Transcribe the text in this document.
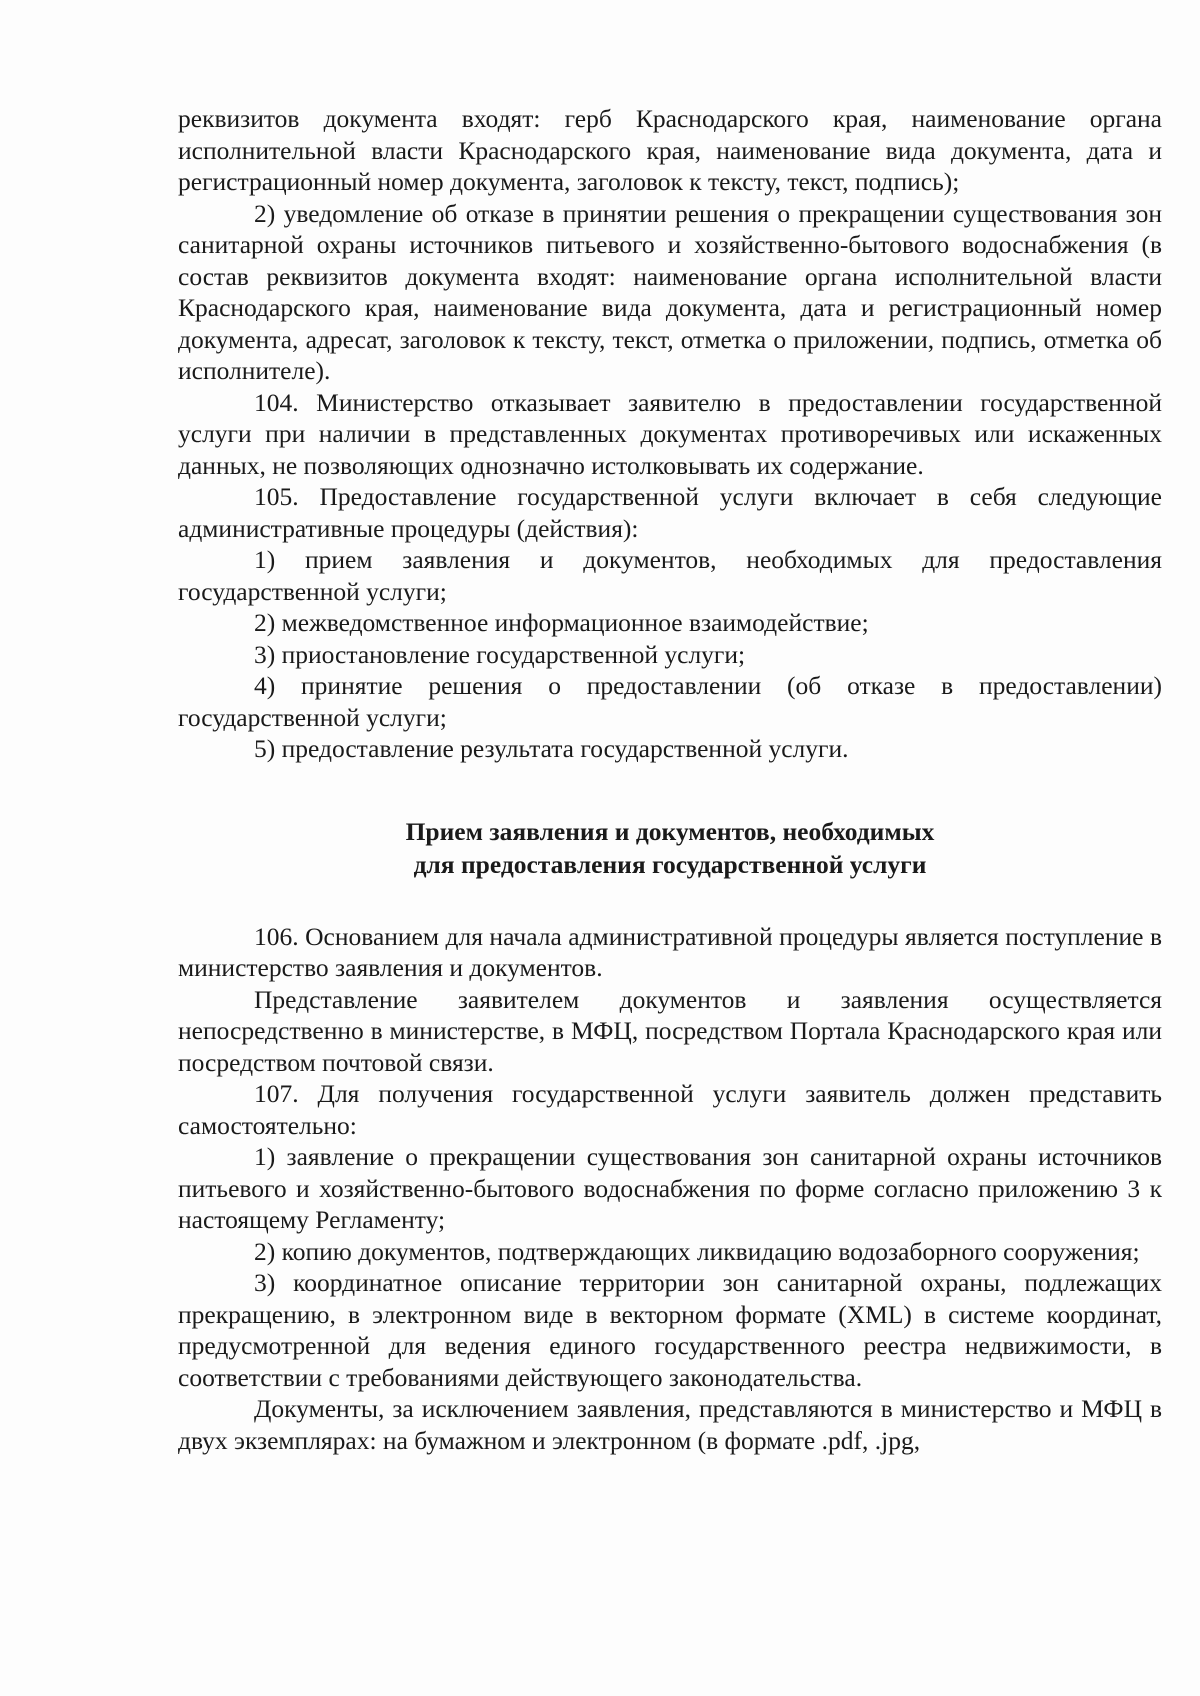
реквизитов документа входят: герб Краснодарского края, наименование органа исполнительной власти Краснодарского края, наименование вида документа, дата и регистрационный номер документа, заголовок к тексту, текст, подпись);

2) уведомление об отказе в принятии решения о прекращении существования зон санитарной охраны источников питьевого и хозяйственно-бытового водоснабжения (в состав реквизитов документа входят: наименование органа исполнительной власти Краснодарского края, наименование вида документа, дата и регистрационный номер документа, адресат, заголовок к тексту, текст, отметка о приложении, подпись, отметка об исполнителе).

104. Министерство отказывает заявителю в предоставлении государственной услуги при наличии в представленных документах противоречивых или искаженных данных, не позволяющих однозначно истолковывать их содержание.

105. Предоставление государственной услуги включает в себя следующие административные процедуры (действия):

1) прием заявления и документов, необходимых для предоставления государственной услуги;

2) межведомственное информационное взаимодействие;

3) приостановление государственной услуги;

4) принятие решения о предоставлении (об отказе в предоставлении) государственной услуги;

5) предоставление результата государственной услуги.

Прием заявления и документов, необходимых
для предоставления государственной услуги

106. Основанием для начала административной процедуры является поступление в министерство заявления и документов.

Представление заявителем документов и заявления осуществляется непосредственно в министерстве, в МФЦ, посредством Портала Краснодарского края или посредством почтовой связи.

107. Для получения государственной услуги заявитель должен представить самостоятельно:

1) заявление о прекращении существования зон санитарной охраны источников питьевого и хозяйственно-бытового водоснабжения по форме согласно приложению 3 к настоящему Регламенту;

2) копию документов, подтверждающих ликвидацию водозаборного сооружения;

3) координатное описание территории зон санитарной охраны, подлежащих прекращению, в электронном виде в векторном формате (XML) в системе координат, предусмотренной для ведения единого государственного реестра недвижимости, в соответствии с требованиями действующего законодательства.

Документы, за исключением заявления, представляются в министерство и МФЦ в двух экземплярах: на бумажном и электронном (в формате .pdf, .jpg,
